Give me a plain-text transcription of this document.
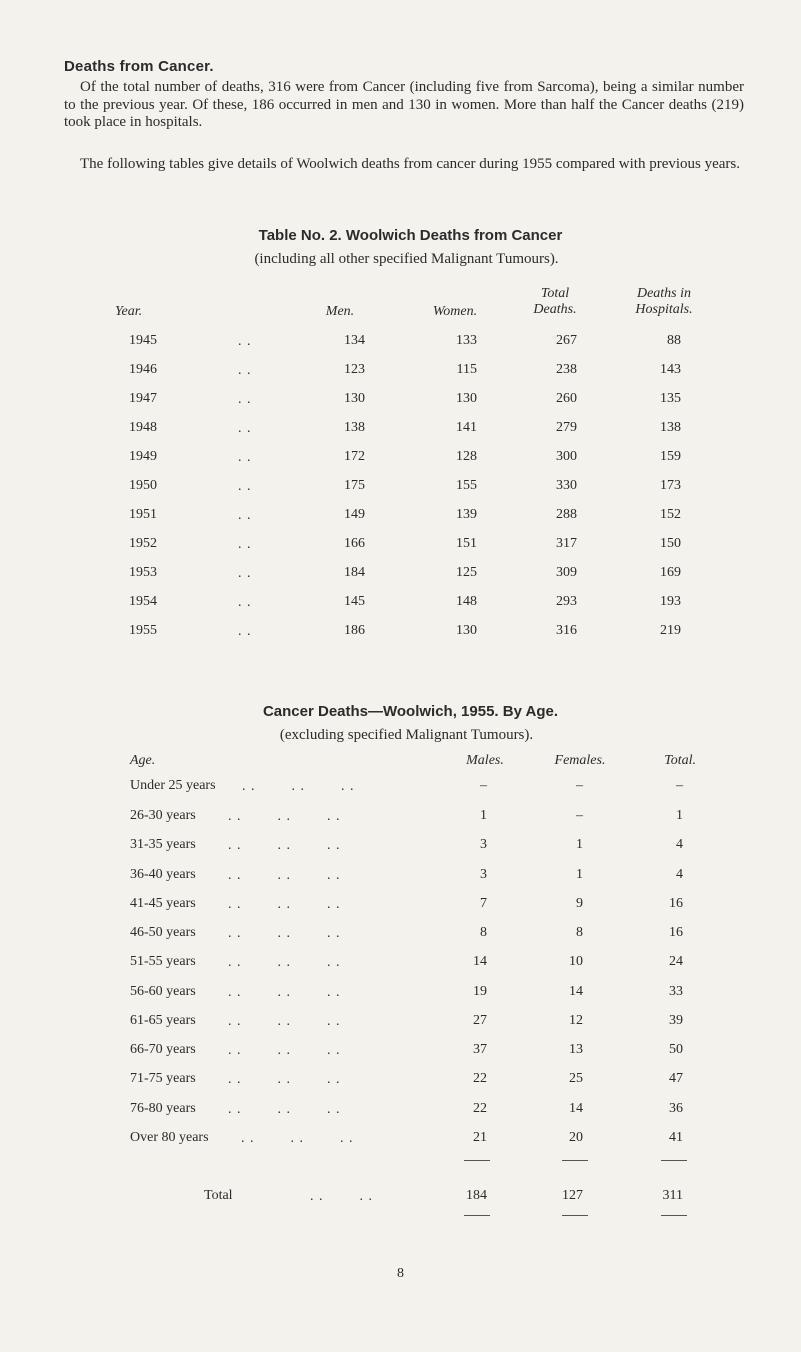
Deaths from Cancer.

Of the total number of deaths, 316 were from Cancer (including five from Sarcoma), being a similar number to the previous year. Of these, 186 occurred in men and 130 in women. More than half the Cancer deaths (219) took place in hospitals.

The following tables give details of Woolwich deaths from cancer during 1955 compared with previous years.

Table No. 2. Woolwich Deaths from Cancer
(including all other specified Malignant Tumours).
Year.	Men.	Women.
Total
Deaths.
Deaths in
Hospitals.
1945	. .	134	133	267	88
1946	. .	123	115	238	143
1947	. .	130	130	260	135
1948	. .	138	141	279	138
1949	. .	172	128	300	159
1950	. .	175	155	330	173
1951	. .	149	139	288	152
1952	. .	166	151	317	150
1953	. .	184	125	309	169
1954	. .	145	148	293	193
1955	. .	186	130	316	219
Cancer Deaths—Woolwich, 1955. By Age.
(excluding specified Malignant Tumours).
Age.	Males.	Females.	Total.
Under 25 years . .        . .        . .	–	–	–
26-30 years . .        . .        . .	1	–	1
31-35 years . .        . .        . .	3	1	4
36-40 years . .        . .        . .	3	1	4
41-45 years . .        . .        . .	7	9	16
46-50 years . .        . .        . .	8	8	16
51-55 years . .        . .        . .	14	10	24
56-60 years . .        . .        . .	19	14	33
61-65 years . .        . .        . .	27	12	39
66-70 years . .        . .        . .	37	13	50
71-75 years . .        . .        . .	22	25	47
76-80 years . .        . .        . .	22	14	36
Over 80 years . .        . .        . .	21	20	41
Total	. .        . .	184	127	311
8
